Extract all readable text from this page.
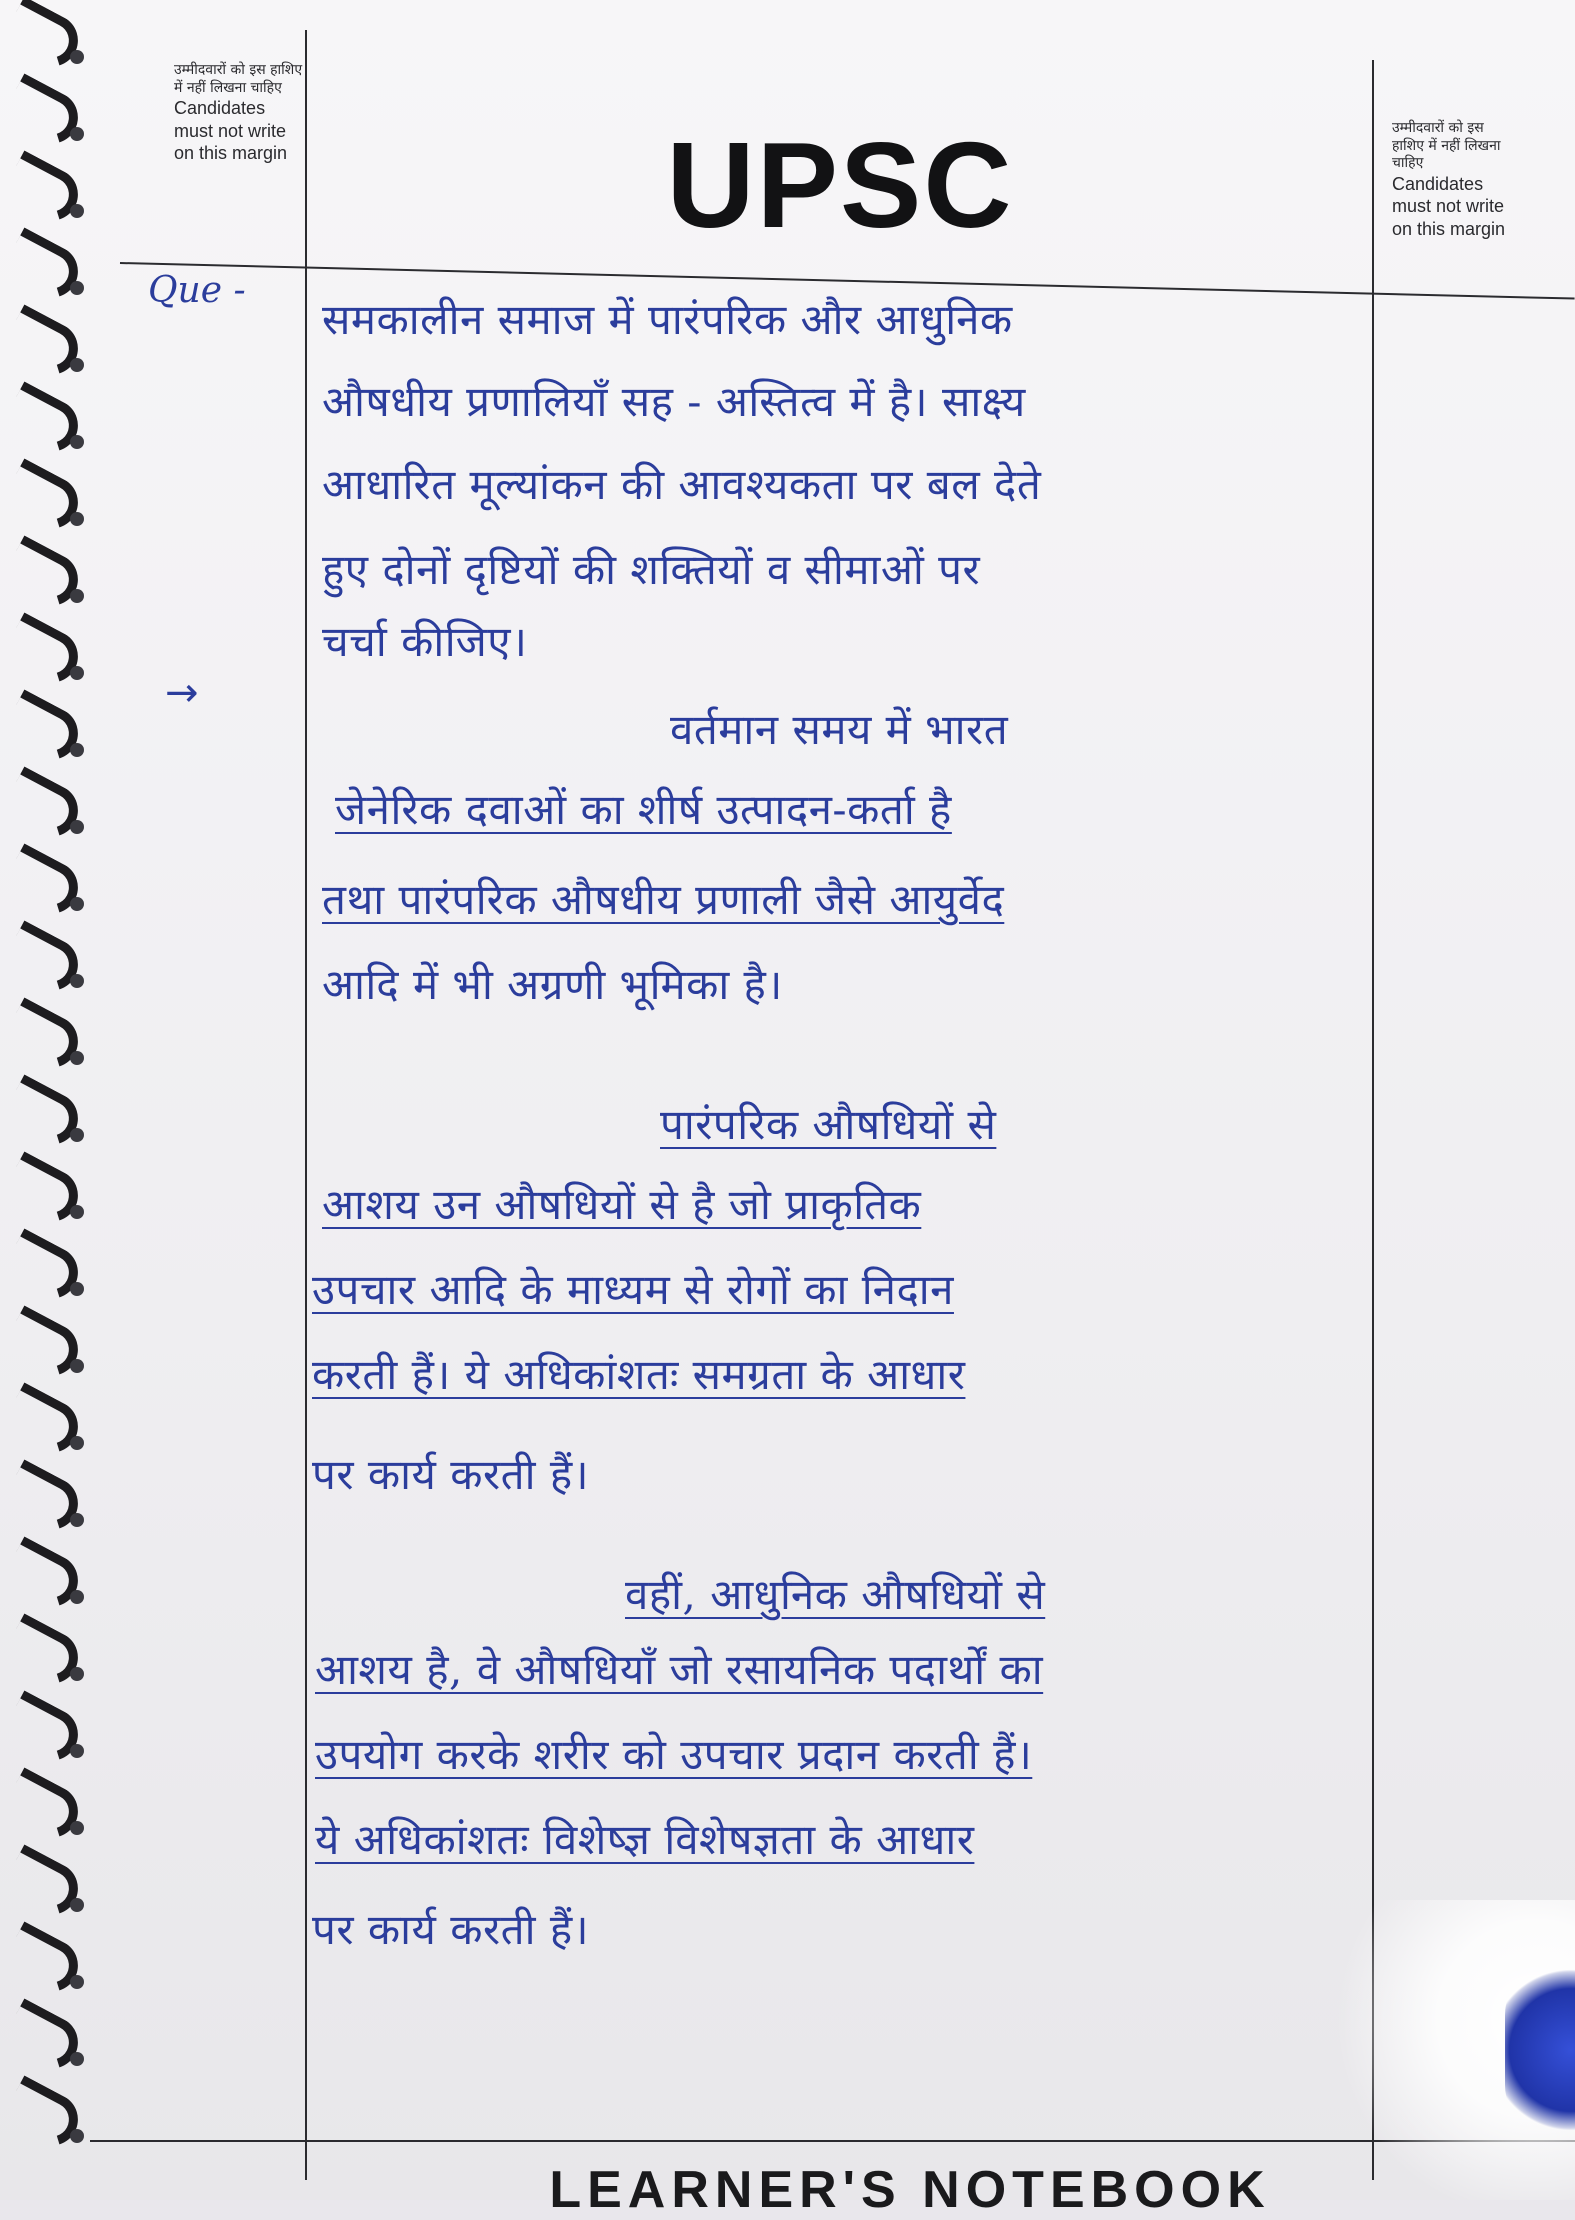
उम्मीदवारों को इस हाशिए में नहीं लिखना चाहिए
Candidates must not write on this margin
उम्मीदवारों को इस हाशिए में नहीं लिखना चाहिए
Candidates must not write on this margin
UPSC
Que -
समकालीन समाज में पारंपरिक और आधुनिक
औषधीय प्रणालियाँ सह - अस्तित्व में है। साक्ष्य
आधारित मूल्यांकन की आवश्यकता पर बल देते
हुए दोनों दृष्टियों की शक्तियों व सीमाओं पर
चर्चा कीजिए।
→
वर्तमान समय में भारत
जेनेरिक दवाओं का शीर्ष उत्पादन-कर्ता है
तथा पारंपरिक औषधीय प्रणाली जैसे आयुर्वेद
आदि में भी अग्रणी भूमिका है।
पारंपरिक औषधियों से
आशय उन औषधियों से है जो प्राकृतिक
उपचार आदि के माध्यम से रोगों का निदान
करती हैं। ये अधिकांशतः समग्रता के आधार
पर कार्य करती हैं।
वहीं, आधुनिक औषधियों से
आशय है, वे औषधियाँ जो रसायनिक पदार्थों का
उपयोग करके शरीर को उपचार प्रदान करती हैं।
ये अधिकांशतः विशेष्ज्ञ विशेषज्ञता के आधार
पर कार्य करती हैं।
LEARNER'S NOTEBOOK
